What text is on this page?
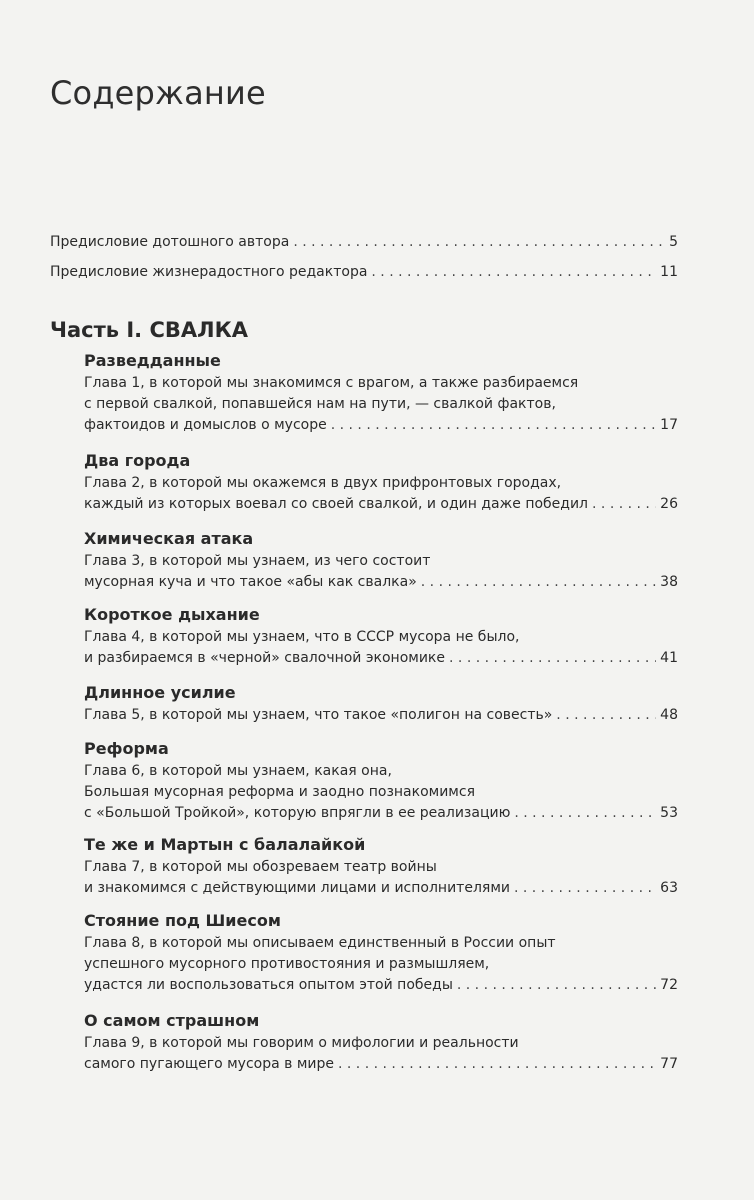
Содержание
Предисловие дотошного автора . . .	5
Предисловие жизнерадостного редактора . . .	11
Часть I. СВАЛКА
Разведданные
Глава 1, в которой мы знакомимся с врагом, а также разбираемся
с первой свалкой, попавшейся нам на пути, — свалкой фактов,
фактоидов и домыслов о мусоре . . .	17
Два города
Глава 2, в которой мы окажемся в двух прифронтовых городах,
каждый из которых воевал со своей свалкой, и один даже победил . . .	26
Химическая атака
Глава 3, в которой мы узнаем, из чего состоит
мусорная куча и что такое «абы как свалка» . . .	38
Короткое дыхание
Глава 4, в которой мы узнаем, что в СССР мусора не было,
и разбираемся в «черной» свалочной экономике . . .	41
Длинное усилие
Глава 5, в которой мы узнаем, что такое «полигон на совесть» . . .	48
Реформа
Глава 6, в которой мы узнаем, какая она,
Большая мусорная реформа и заодно познакомимся
с «Большой Тройкой», которую впрягли в ее реализацию . . .	53
Те же и Мартын с балалайкой
Глава 7, в которой мы обозреваем театр войны
и знакомимся с действующими лицами и исполнителями . . .	63
Стояние под Шиесом
Глава 8, в которой мы описываем единственный в России опыт
успешного мусорного противостояния и размышляем,
удастся ли воспользоваться опытом этой победы . . .	72
О самом страшном
Глава 9, в которой мы говорим о мифологии и реальности
самого пугающего мусора в мире . . .	77
